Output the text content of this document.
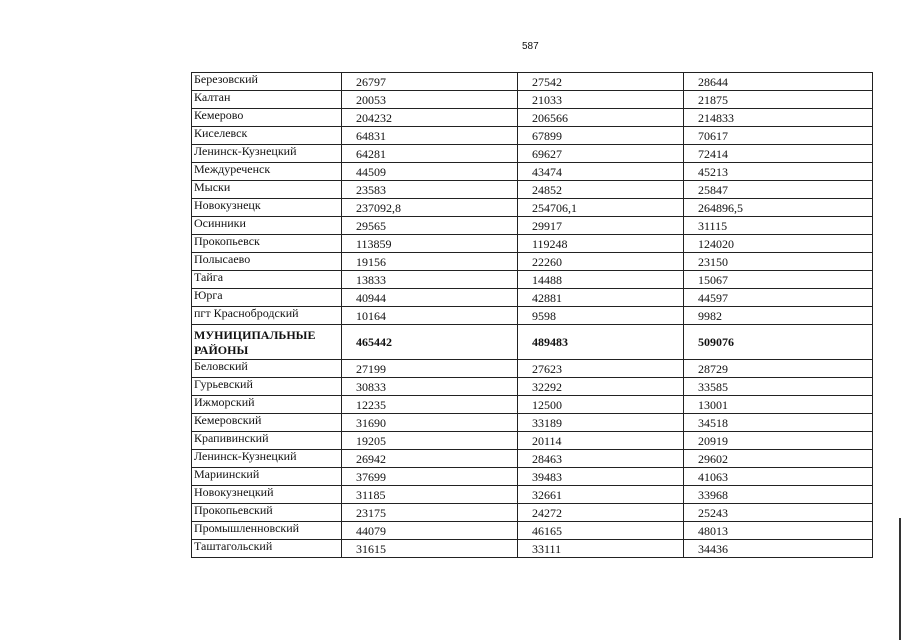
587
Березовский	26797	27542	28644
Калтан	20053	21033	21875
Кемерово	204232	206566	214833
Киселевск	64831	67899	70617
Ленинск-Кузнецкий	64281	69627	72414
Междуреченск	44509	43474	45213
Мыски	23583	24852	25847
Новокузнецк	237092,8	254706,1	264896,5
Осинники	29565	29917	31115
Прокопьевск	113859	119248	124020
Полысаево	19156	22260	23150
Тайга	13833	14488	15067
Юрга	40944	42881	44597
пгт Краснобродский	10164	9598	9982
МУНИЦИПАЛЬНЫЕ РАЙОНЫ	465442	489483	509076
Беловский	27199	27623	28729
Гурьевский	30833	32292	33585
Ижморский	12235	12500	13001
Кемеровский	31690	33189	34518
Крапивинский	19205	20114	20919
Ленинск-Кузнецкий	26942	28463	29602
Мариинский	37699	39483	41063
Новокузнецкий	31185	32661	33968
Прокопьевский	23175	24272	25243
Промышленновский	44079	46165	48013
Таштагольский	31615	33111	34436
